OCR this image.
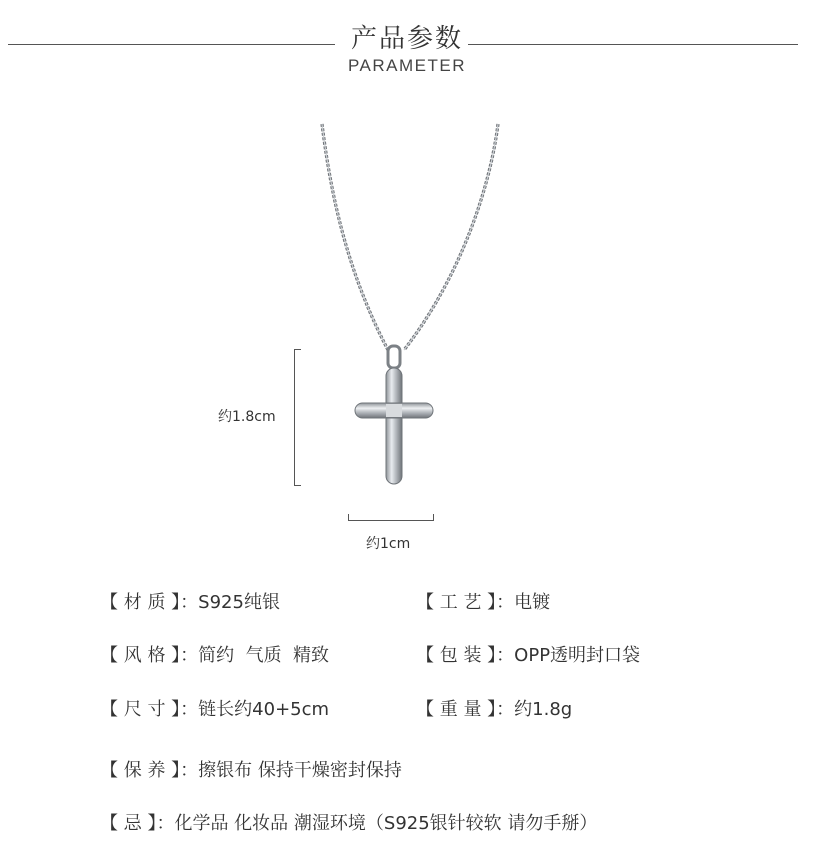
产品参数
PARAMETER
约1.8cm
约1cm
【 材 质 】：S925纯银	【 工 艺 】：电镀
【 风 格 】：简约  气质  精致	【 包 装 】：OPP透明封口袋
【 尺 寸 】：链长约40+5cm	【 重 量 】：约1.8g
【 保 养 】：擦银布 保持干燥密封保持
【 忌 】：化学品 化妆品 潮湿环境（S925银针较软 请勿手掰）
